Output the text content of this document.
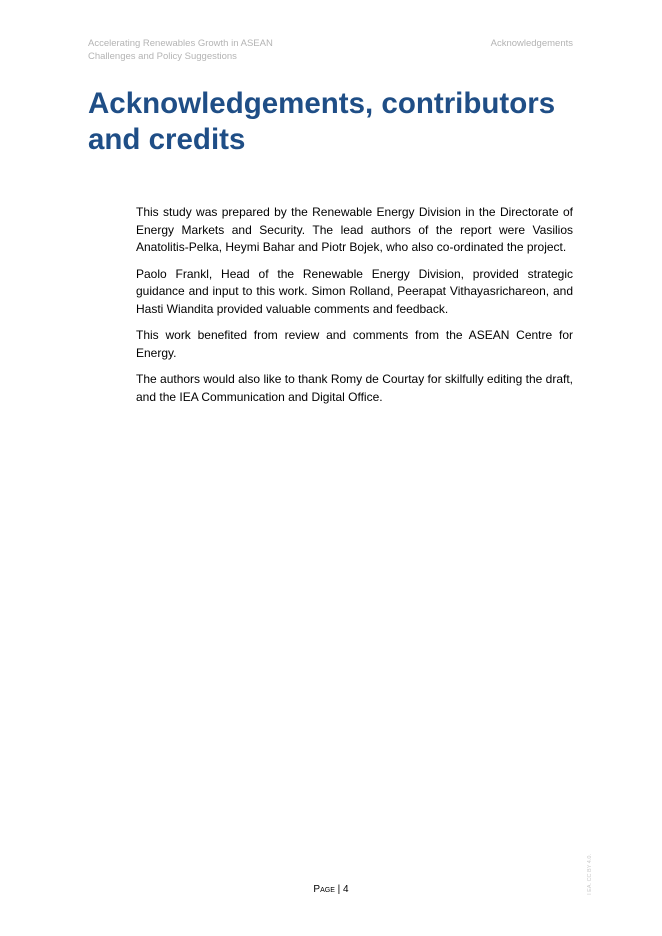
Accelerating Renewables Growth in ASEAN
Challenges and Policy Suggestions
Acknowledgements
Acknowledgements, contributors and credits

This study was prepared by the Renewable Energy Division in the Directorate of Energy Markets and Security. The lead authors of the report were Vasilios Anatolitis-Pelka, Heymi Bahar and Piotr Bojek, who also co-ordinated the project.

Paolo Frankl, Head of the Renewable Energy Division, provided strategic guidance and input to this work. Simon Rolland, Peerapat Vithayasrichareon, and Hasti Wiandita provided valuable comments and feedback.

This work benefited from review and comments from the ASEAN Centre for Energy.

The authors would also like to thank Romy de Courtay for skilfully editing the draft, and the IEA Communication and Digital Office.

I EA. CC BY 4.0.
Page | 4
